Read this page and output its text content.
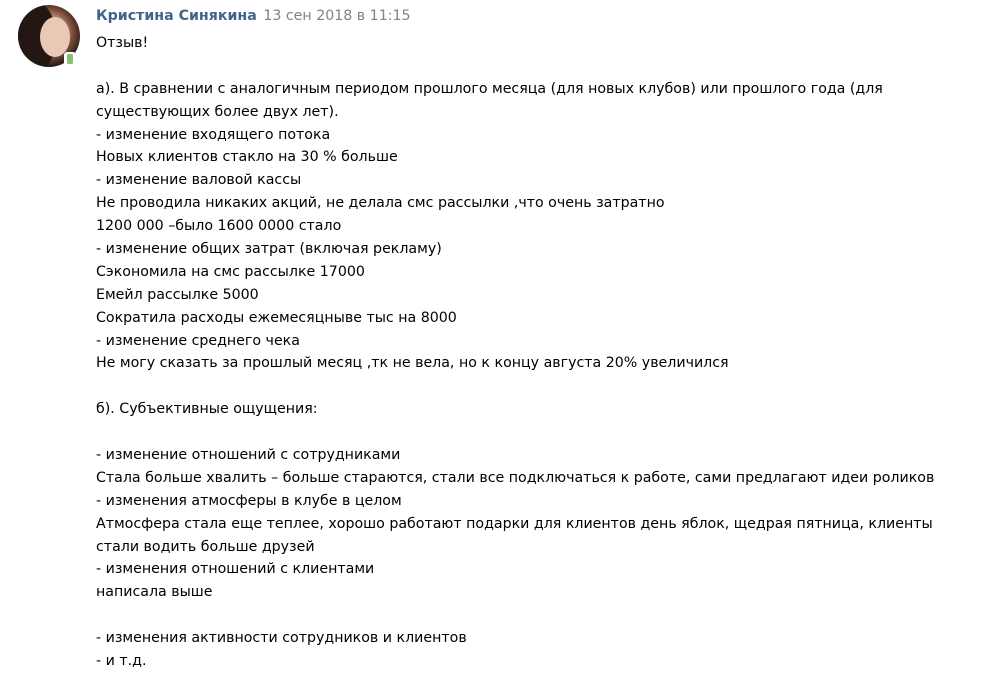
Кристина Синякина 13 сен 2018 в 11:15
Отзыв!
а). В сравнении с аналогичным периодом прошлого месяца (для новых клубов) или прошлого года (для
существующих более двух лет).
- изменение входящего потока
Новых клиентов стакло на 30 % больше
- изменение валовой кассы
Не проводила никаких акций, не делала смс рассылки ,что очень затратно
1200 000 –было 1600 0000 стало
- изменение общих затрат (включая рекламу)
Сэкономила на смс рассылке 17000
Емейл рассылке 5000
Сократила расходы ежемесяцныве тыс на 8000
- изменение среднего чека
Не могу сказать за прошлый месяц ,тк не вела, но к концу августа 20% увеличился
б). Субъективные ощущения:
- изменение отношений с сотрудниками
Стала больше хвалить – больше стараются, стали все подключаться к работе, сами предлагают идеи роликов
- изменения атмосферы в клубе в целом
Атмосфера стала еще теплее, хорошо работают подарки для клиентов день яблок, щедрая пятница, клиенты
стали водить больше друзей
- изменения отношений с клиентами
написала выше
- изменения активности сотрудников и клиентов
- и т.д.
